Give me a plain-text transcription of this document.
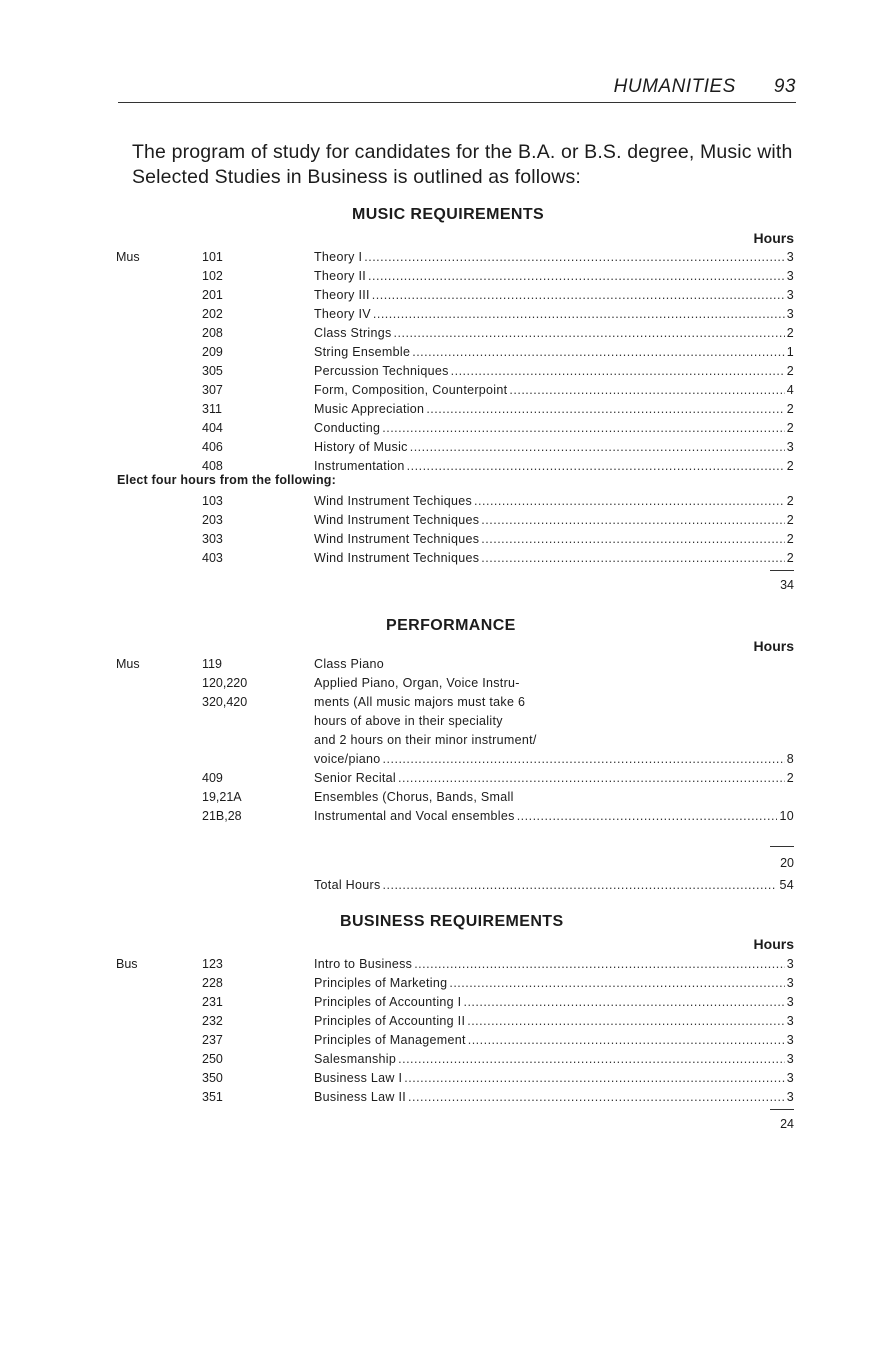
HUMANITIES 93
The program of study for candidates for the B.A. or B.S. degree, Music with Selected Studies in Business is outlined as follows:
MUSIC REQUIREMENTS
Hours
Mus	101	Theory I .....	3
102	Theory II .....	3
201	Theory III .....	3
202	Theory IV .....	3
208	Class Strings .....	2
209	String Ensemble .....	1
305	Percussion Techniques .....	2
307	Form, Composition, Counterpoint .....	4
311	Music Appreciation .....	2
404	Conducting .....	2
406	History of Music .....	3
408	Instrumentation .....	2
Elect four hours from the following:
103	Wind Instrument Techiques .....	2
203	Wind Instrument Techniques .....	2
303	Wind Instrument Techniques .....	2
403	Wind Instrument Techniques .....	2
34
PERFORMANCE
Hours
Mus	119	Class Piano
120,220	Applied Piano, Organ, Voice Instru-
320,420	ments (All music majors must take 6
hours of above in their speciality
and 2 hours on their minor instrument/
voice/piano .....	8
409	Senior Recital .....	2
19,21A	Ensembles (Chorus, Bands, Small
21B,28	Instrumental and Vocal ensembles .....	10
20
Total Hours .....	54
BUSINESS REQUIREMENTS
Hours
Bus	123	Intro to Business .....	3
228	Principles of Marketing .....	3
231	Principles of Accounting I .....	3
232	Principles of Accounting II .....	3
237	Principles of Management .....	3
250	Salesmanship .....	3
350	Business Law I .....	3
351	Business Law II .....	3
24
